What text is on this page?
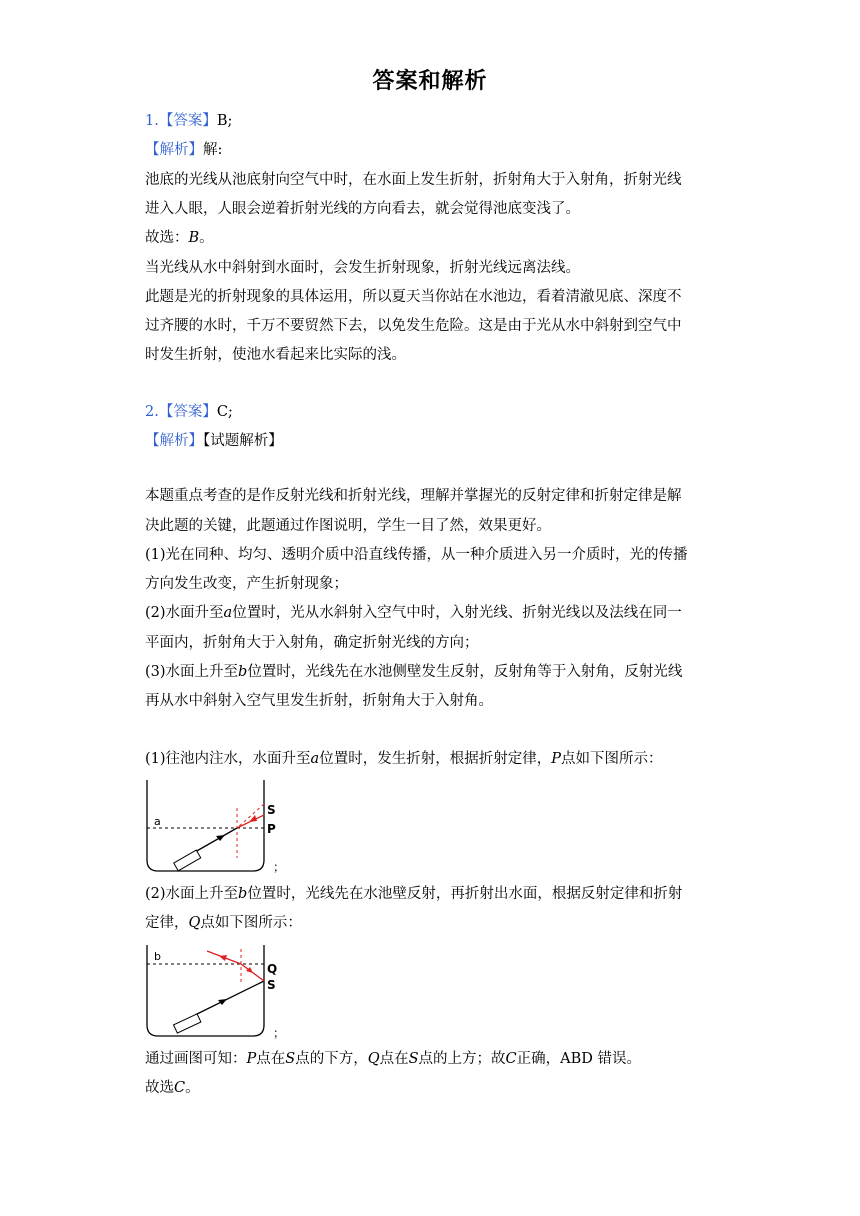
答案和解析
1.【答案】B;
【解析】解:
池底的光线从池底射向空气中时，在水面上发生折射，折射角大于入射角，折射光线
进入人眼，人眼会逆着折射光线的方向看去，就会觉得池底变浅了。
故选：B。
当光线从水中斜射到水面时，会发生折射现象，折射光线远离法线。
此题是光的折射现象的具体运用，所以夏天当你站在水池边，看着清澈见底、深度不
过齐腰的水时，千万不要贸然下去，以免发生危险。这是由于光从水中斜射到空气中
时发生折射，使池水看起来比实际的浅。
2.【答案】C;
【解析】【试题解析】
本题重点考查的是作反射光线和折射光线，理解并掌握光的反射定律和折射定律是解
决此题的关键，此题通过作图说明，学生一目了然，效果更好。
(1)光在同种、均匀、透明介质中沿直线传播，从一种介质进入另一介质时，光的传播
方向发生改变，产生折射现象；
(2)水面升至a位置时，光从水斜射入空气中时，入射光线、折射光线以及法线在同一
平面内，折射角大于入射角，确定折射光线的方向；
(3)水面上升至b位置时，光线先在水池侧壁发生反射，反射角等于入射角，反射光线
再从水中斜射入空气里发生折射，折射角大于入射角。
(1)往池内注水，水面升至a位置时，发生折射，根据折射定律，P点如下图所示：
a
S
P
；
(2)水面上升至b位置时，光线先在水池壁反射，再折射出水面，根据反射定律和折射
定律，Q点如下图所示：
b
Q
S
；
通过画图可知：P点在S点的下方，Q点在S点的上方；故C正确，ABD 错误。
故选C。
